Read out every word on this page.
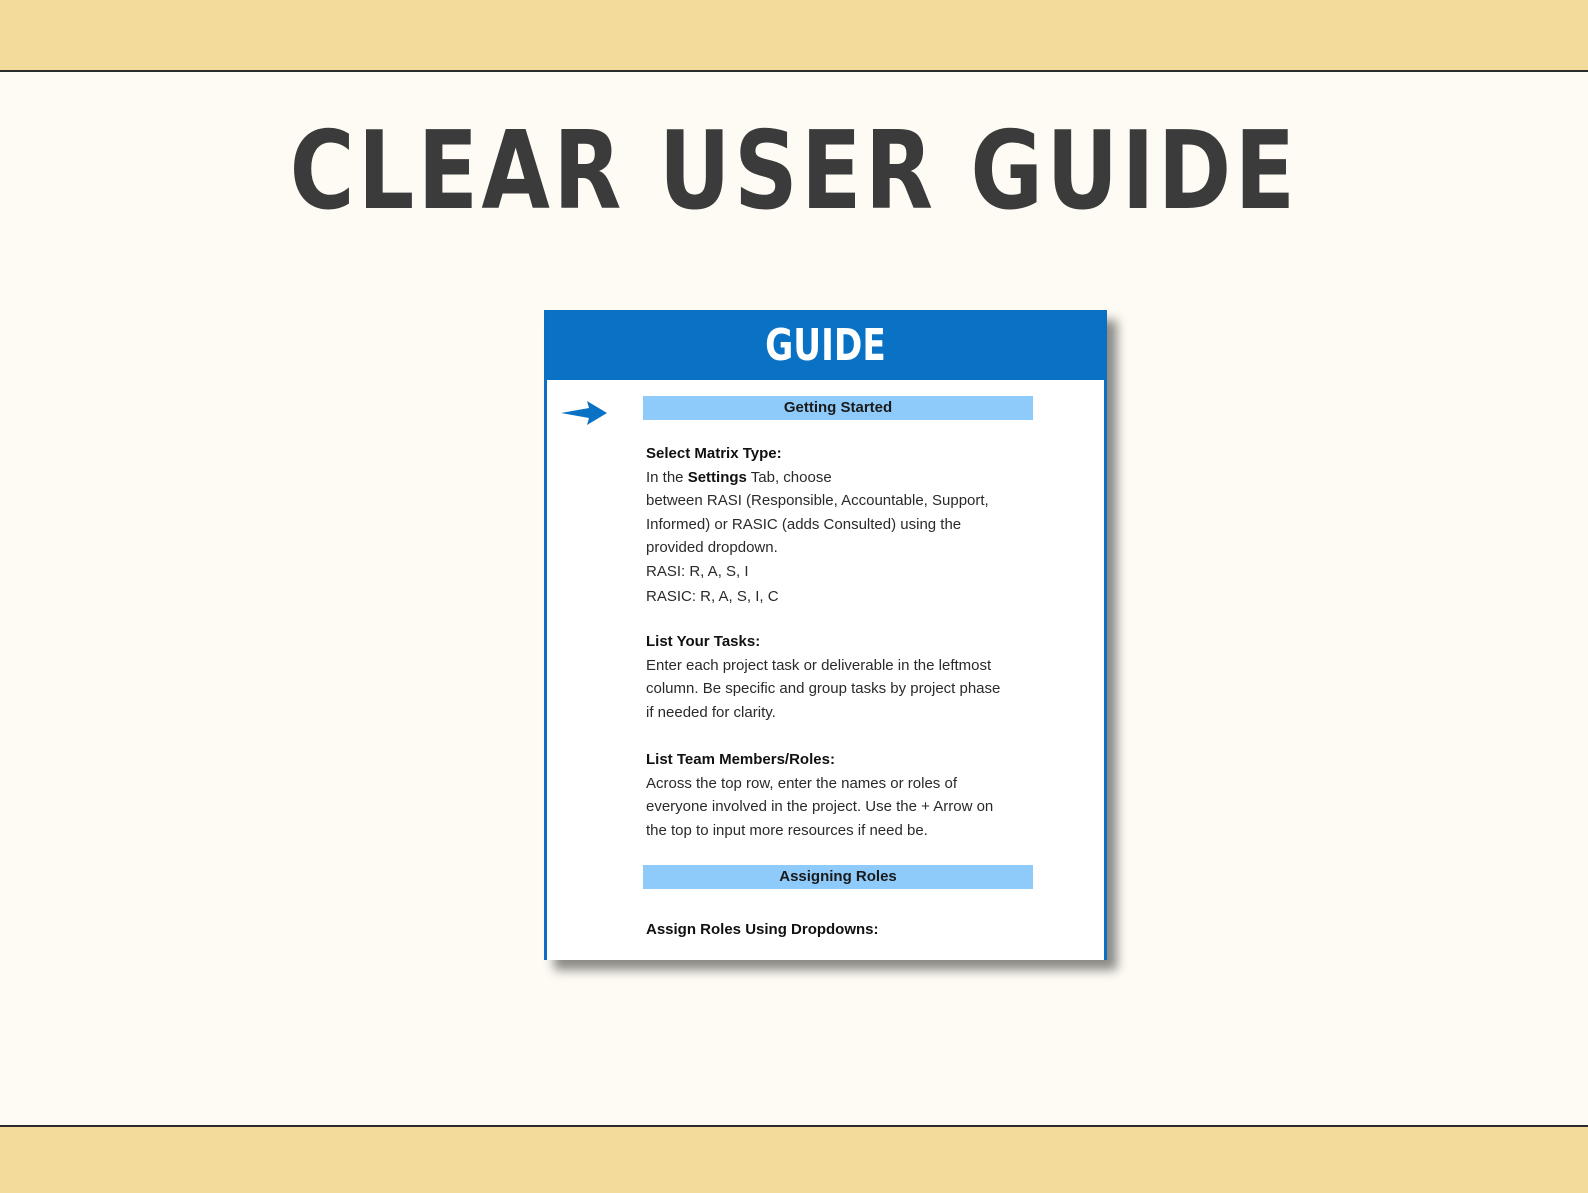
CLEAR USER GUIDE
GUIDE
Getting Started
Select Matrix Type:
In the Settings Tab, choose
between RASI (Responsible, Accountable, Support,
Informed) or RASIC (adds Consulted) using the
provided dropdown.
RASI: R, A, S, I
RASIC: R, A, S, I, C
List Your Tasks:
Enter each project task or deliverable in the leftmost
column. Be specific and group tasks by project phase
if needed for clarity.
List Team Members/Roles:
Across the top row, enter the names or roles of
everyone involved in the project. Use the + Arrow on
the top to input more resources if need be.
Assigning Roles
Assign Roles Using Dropdowns:
